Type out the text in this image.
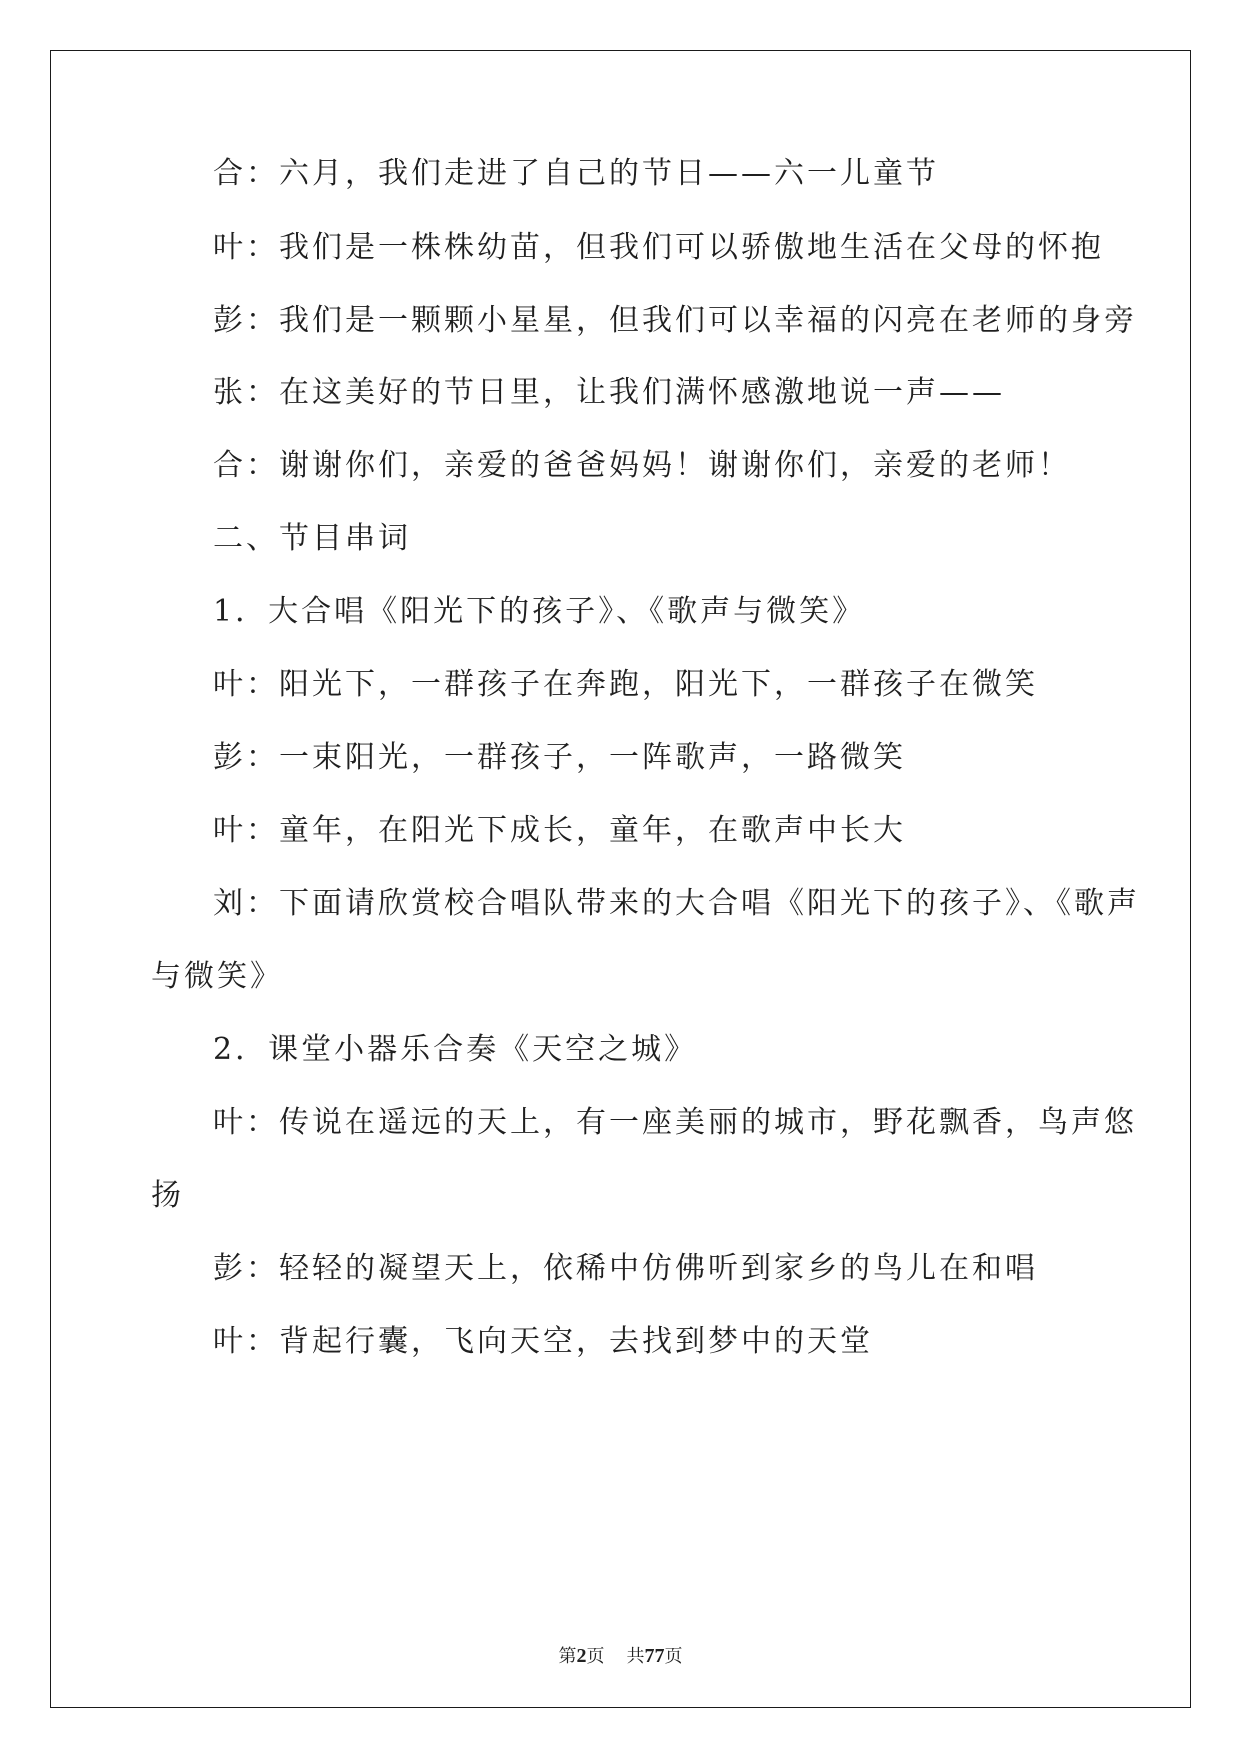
合：六月，我们走进了自己的节日——六一儿童节

叶：我们是一株株幼苗，但我们可以骄傲地生活在父母的怀抱

彭：我们是一颗颗小星星，但我们可以幸福的闪亮在老师的身旁

张：在这美好的节日里，让我们满怀感激地说一声——

合：谢谢你们，亲爱的爸爸妈妈！谢谢你们，亲爱的老师！

二、节目串词

1．大合唱《阳光下的孩子》、《歌声与微笑》

叶：阳光下，一群孩子在奔跑，阳光下，一群孩子在微笑

彭：一束阳光，一群孩子，一阵歌声，一路微笑

叶：童年，在阳光下成长，童年，在歌声中长大

刘：下面请欣赏校合唱队带来的大合唱《阳光下的孩子》、《歌声

与微笑》

2．课堂小器乐合奏《天空之城》

叶：传说在遥远的天上，有一座美丽的城市，野花飘香，鸟声悠

扬

彭：轻轻的凝望天上，依稀中仿佛听到家乡的鸟儿在和唱

叶：背起行囊，飞向天空，去找到梦中的天堂

第2页 共77页
